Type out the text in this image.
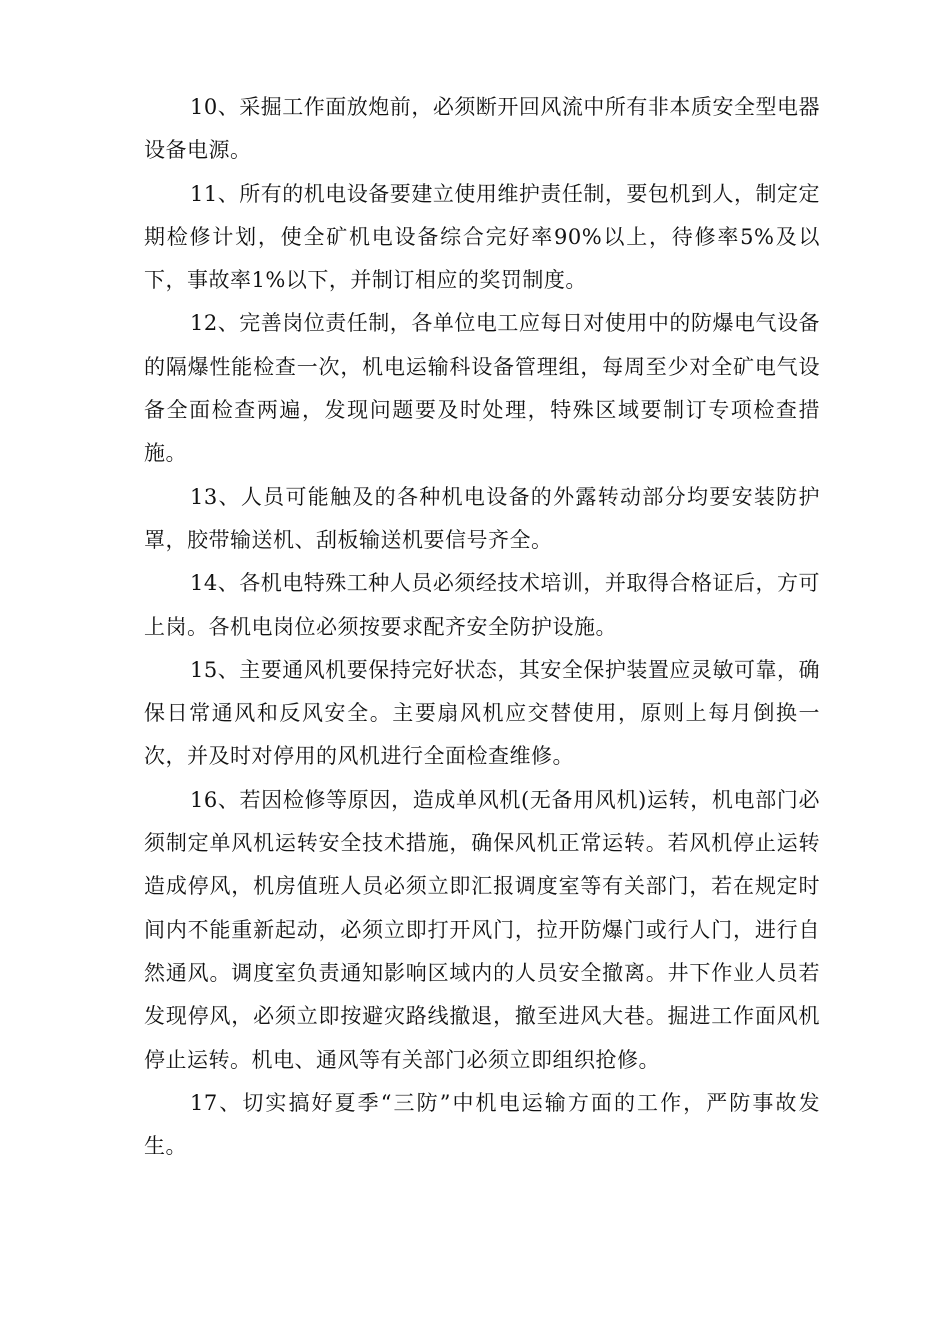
10、采掘工作面放炮前，必须断开回风流中所有非本质安全型电器设备电源。

11、所有的机电设备要建立使用维护责任制，要包机到人，制定定期检修计划，使全矿机电设备综合完好率90%以上，待修率5%及以下，事故率1%以下，并制订相应的奖罚制度。

12、完善岗位责任制，各单位电工应每日对使用中的防爆电气设备的隔爆性能检查一次，机电运输科设备管理组，每周至少对全矿电气设备全面检查两遍，发现问题要及时处理，特殊区域要制订专项检查措施。

13、人员可能触及的各种机电设备的外露转动部分均要安装防护罩，胶带输送机、刮板输送机要信号齐全。

14、各机电特殊工种人员必须经技术培训，并取得合格证后，方可上岗。各机电岗位必须按要求配齐安全防护设施。

15、主要通风机要保持完好状态，其安全保护装置应灵敏可靠，确保日常通风和反风安全。主要扇风机应交替使用，原则上每月倒换一次，并及时对停用的风机进行全面检查维修。

16、若因检修等原因，造成单风机(无备用风机)运转，机电部门必须制定单风机运转安全技术措施，确保风机正常运转。若风机停止运转造成停风，机房值班人员必须立即汇报调度室等有关部门，若在规定时间内不能重新起动，必须立即打开风门，拉开防爆门或行人门，进行自然通风。调度室负责通知影响区域内的人员安全撤离。井下作业人员若发现停风，必须立即按避灾路线撤退，撤至进风大巷。掘进工作面风机停止运转。机电、通风等有关部门必须立即组织抢修。

17、切实搞好夏季“三防”中机电运输方面的工作，严防事故发生。
